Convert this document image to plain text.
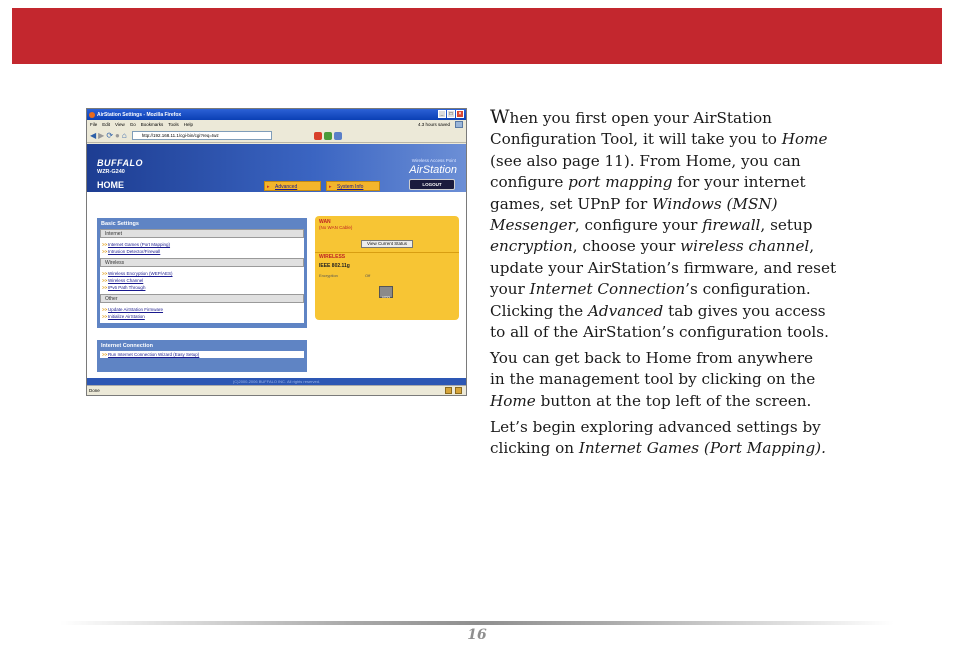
AirStation Settings - Mozilla Firefox	_	□	×
File Edit View Go Bookmarks Tools Help	4.3 hours saved
◀ ▶ ⟳ ● ⌂	http://192.168.11.1/cgi-bin/cgi?req=twz
BUFFALO
WZR-G240
HOME
Wireless Access Point
AirStation
▸ Advanced
▸	System Info	LOGOUT
Basic Settings
Internet
>> Internet Games (Port Mapping)
>> Intrusion Detector/Firewall
Wireless
>> Wireless Encryption (WEP/AES)
>> Wireless Channel
>> IPv6 Path Through
Other
>> Update AirStation Firmware
>> Initialize AirStation
WAN
(No WAN Cable)
View Current Status
WIRELESS
IEEE 802.11g
Encryption	Off
AOSS
Internet Connection
>> Run Internet Connection Wizard (Easy Setup)
(C)2000-2006 BUFFALO INC. All rights reserved.
Done

When you first open your AirStation
Configuration Tool, it will take you to Home
(see also page 11). From Home, you can
configure port mapping for your internet
games, set UPnP for Windows (MSN)
Messenger, configure your firewall, setup
encryption, choose your wireless channel,
update your AirStation’s firmware, and reset
your Internet Connection’s configuration.
Clicking the Advanced tab gives you access
to all of the AirStation’s configuration tools.

You can get back to Home from anywhere
in the management tool by clicking on the
Home button at the top left of the screen.

Let’s begin exploring advanced settings by
clicking on Internet Games (Port Mapping).

16
